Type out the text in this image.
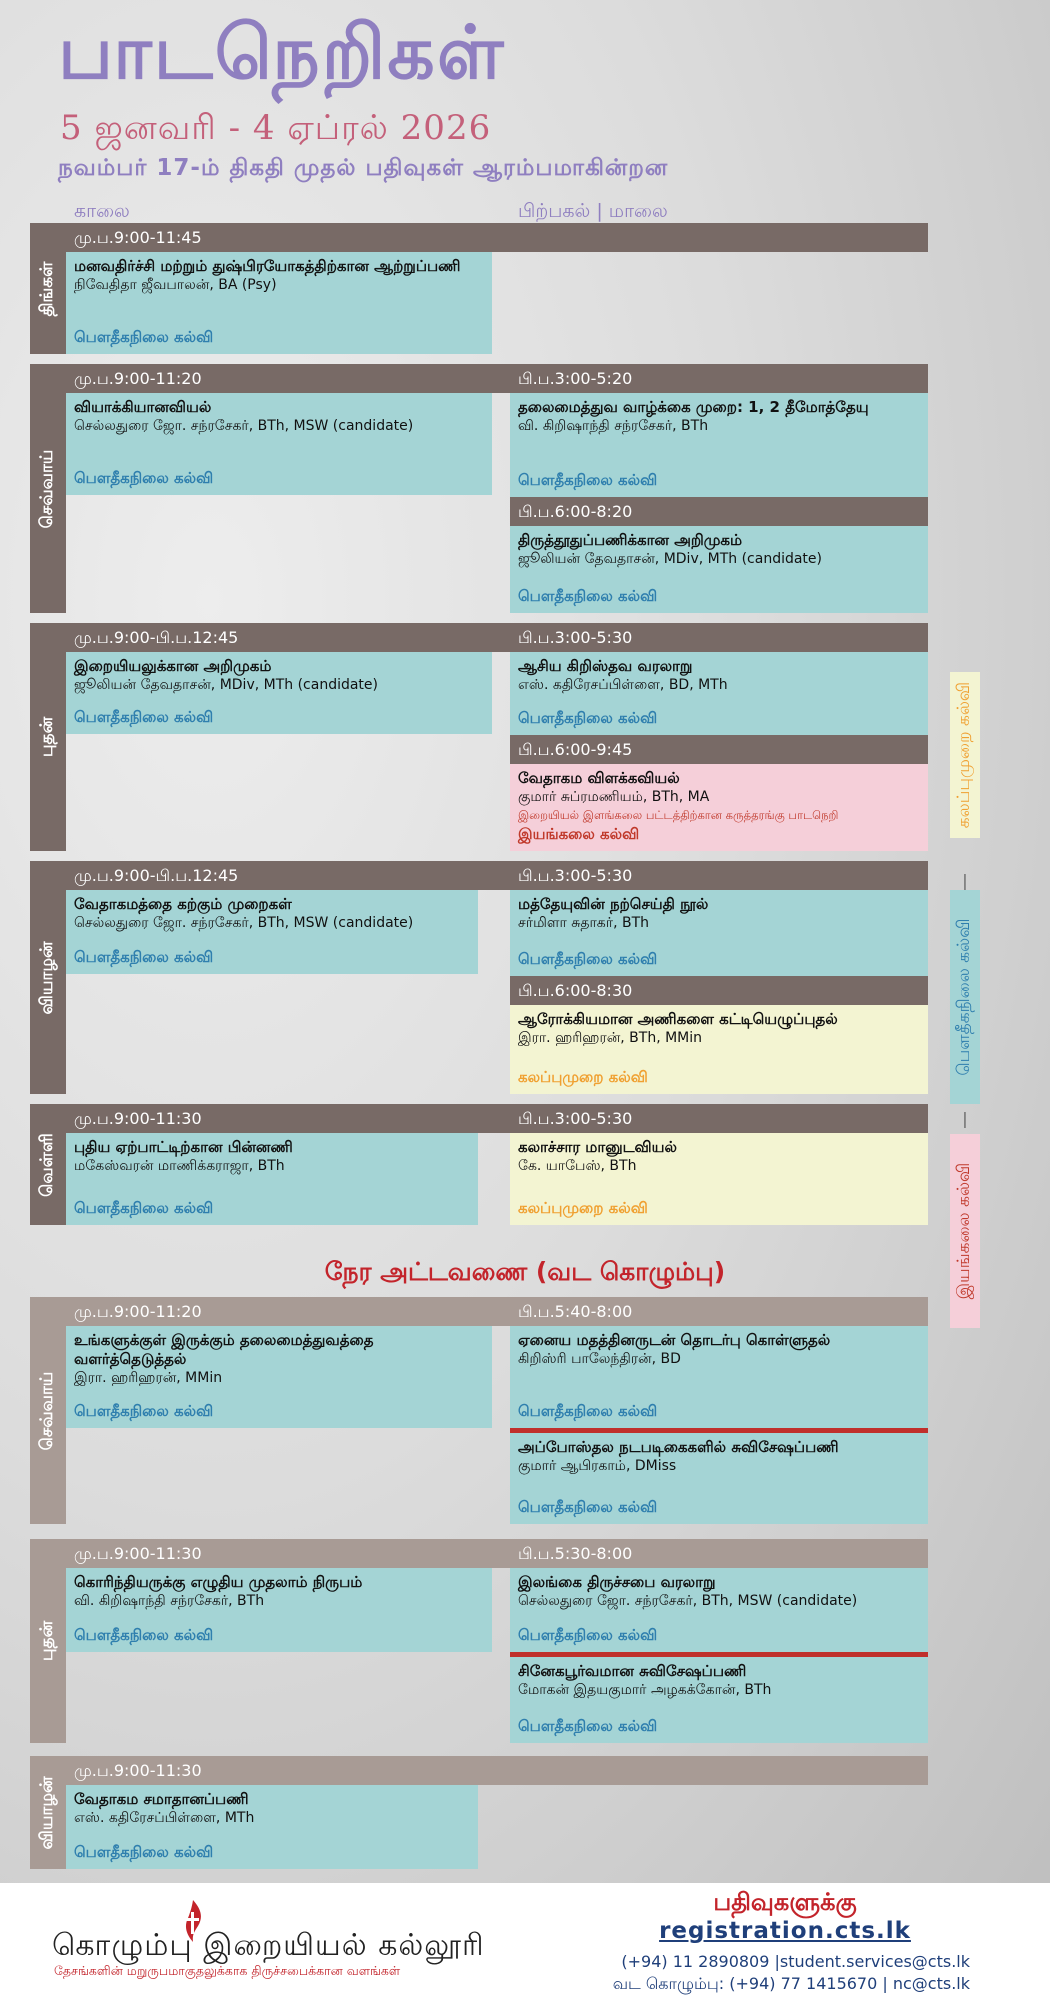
பாடநெறிகள்
5 ஜனவரி - 4 ஏப்ரல் 2026
நவம்பர் 17-ம் திகதி முதல் பதிவுகள் ஆரம்பமாகின்றன
காலை	பிற்பகல் | மாலை
திங்கள்
மு.ப.9:00-11:45
மனவதிர்ச்சி மற்றும் துஷ்பிரயோகத்திற்கான ஆற்றுப்பணி
நிவேதிதா ஜீவபாலன், BA (Psy)
பௌதீகநிலை கல்வி
செவ்வாய்
மு.ப.9:00-11:20	பி.ப.3:00-5:20
வியாக்கியானவியல்
செல்லதுரை ஜோ. சந்ரசேகர், BTh, MSW (candidate)
பௌதீகநிலை கல்வி
தலைமைத்துவ வாழ்க்கை முறை: 1, 2 தீமோத்தேயு
வி. கிறிஷாந்தி சந்ரசேகர், BTh
பௌதீகநிலை கல்வி
பி.ப.6:00-8:20
திருத்தூதுப்பணிக்கான அறிமுகம்
ஜூலியன் தேவதாசன், MDiv, MTh (candidate)
பௌதீகநிலை கல்வி
புதன்
மு.ப.9:00-பி.ப.12:45	பி.ப.3:00-5:30
இறையியலுக்கான அறிமுகம்
ஜூலியன் தேவதாசன், MDiv, MTh (candidate)
பௌதீகநிலை கல்வி
ஆசிய கிறிஸ்தவ வரலாறு
எஸ். கதிரேசப்பிள்ளை, BD, MTh
பௌதீகநிலை கல்வி
பி.ப.6:00-9:45
வேதாகம விளக்கவியல்
குமார் சுப்ரமணியம், BTh, MA
இறையியல் இளங்கலை பட்டத்திற்கான கருத்தரங்கு பாடநெறி
இயங்கலை கல்வி
வியாழன்
மு.ப.9:00-பி.ப.12:45	பி.ப.3:00-5:30
வேதாகமத்தை கற்கும் முறைகள்
செல்லதுரை ஜோ. சந்ரசேகர், BTh, MSW (candidate)
பௌதீகநிலை கல்வி
மத்தேயுவின் நற்செய்தி நூல்
சர்மிளா சுதாகர், BTh
பௌதீகநிலை கல்வி
பி.ப.6:00-8:30
ஆரோக்கியமான அணிகளை கட்டியெழுப்புதல்
இரா. ஹரிஹரன், BTh, MMin
கலப்புமுறை கல்வி
வெள்ளி
மு.ப.9:00-11:30	பி.ப.3:00-5:30
புதிய ஏற்பாட்டிற்கான பின்னணி
மகேஸ்வரன் மாணிக்கராஜா, BTh
பௌதீகநிலை கல்வி
கலாச்சார மானுடவியல்
கே. யாபேஸ், BTh
கலப்புமுறை கல்வி
நேர அட்டவணை (வட கொழும்பு)
செவ்வாய்
மு.ப.9:00-11:20	பி.ப.5:40-8:00
உங்களுக்குள் இருக்கும் தலைமைத்துவத்தை வளர்த்தெடுத்தல்
இரா. ஹரிஹரன், MMin
பௌதீகநிலை கல்வி
ஏனைய மதத்தினருடன் தொடர்பு கொள்ளுதல்
கிறிஸ்ரி பாலேந்திரன், BD
பௌதீகநிலை கல்வி
அப்போஸ்தல நடபடிகைகளில் சுவிசேஷப்பணி
குமார் ஆபிரகாம், DMiss
பௌதீகநிலை கல்வி
புதன்
மு.ப.9:00-11:30	பி.ப.5:30-8:00
கொரிந்தியருக்கு எழுதிய முதலாம் நிருபம்
வி. கிறிஷாந்தி சந்ரசேகர், BTh
பௌதீகநிலை கல்வி
இலங்கை திருச்சபை வரலாறு
செல்லதுரை ஜோ. சந்ரசேகர், BTh, MSW (candidate)
பௌதீகநிலை கல்வி
சினேகபூர்வமான சுவிசேஷப்பணி
மோகன் இதயகுமார் அழகக்கோன், BTh
பௌதீகநிலை கல்வி
வியாழன்
மு.ப.9:00-11:30
வேதாகம சமாதானப்பணி
எஸ். கதிரேசப்பிள்ளை, MTh
பௌதீகநிலை கல்வி
கலப்புமுறை கல்வி
|
பௌதீகநிலை கல்வி
|
இயங்கலை கல்வி
கொழும்பு இறையியல் கல்லூரி
தேசங்களின் மறுருபமாகுதலுக்காக திருச்சபைக்கான வளங்கள்
பதிவுகளுக்கு
registration.cts.lk
(+94) 11 2890809 |student.services@cts.lk
வட கொழும்பு: (+94) 77 1415670 | nc@cts.lk
